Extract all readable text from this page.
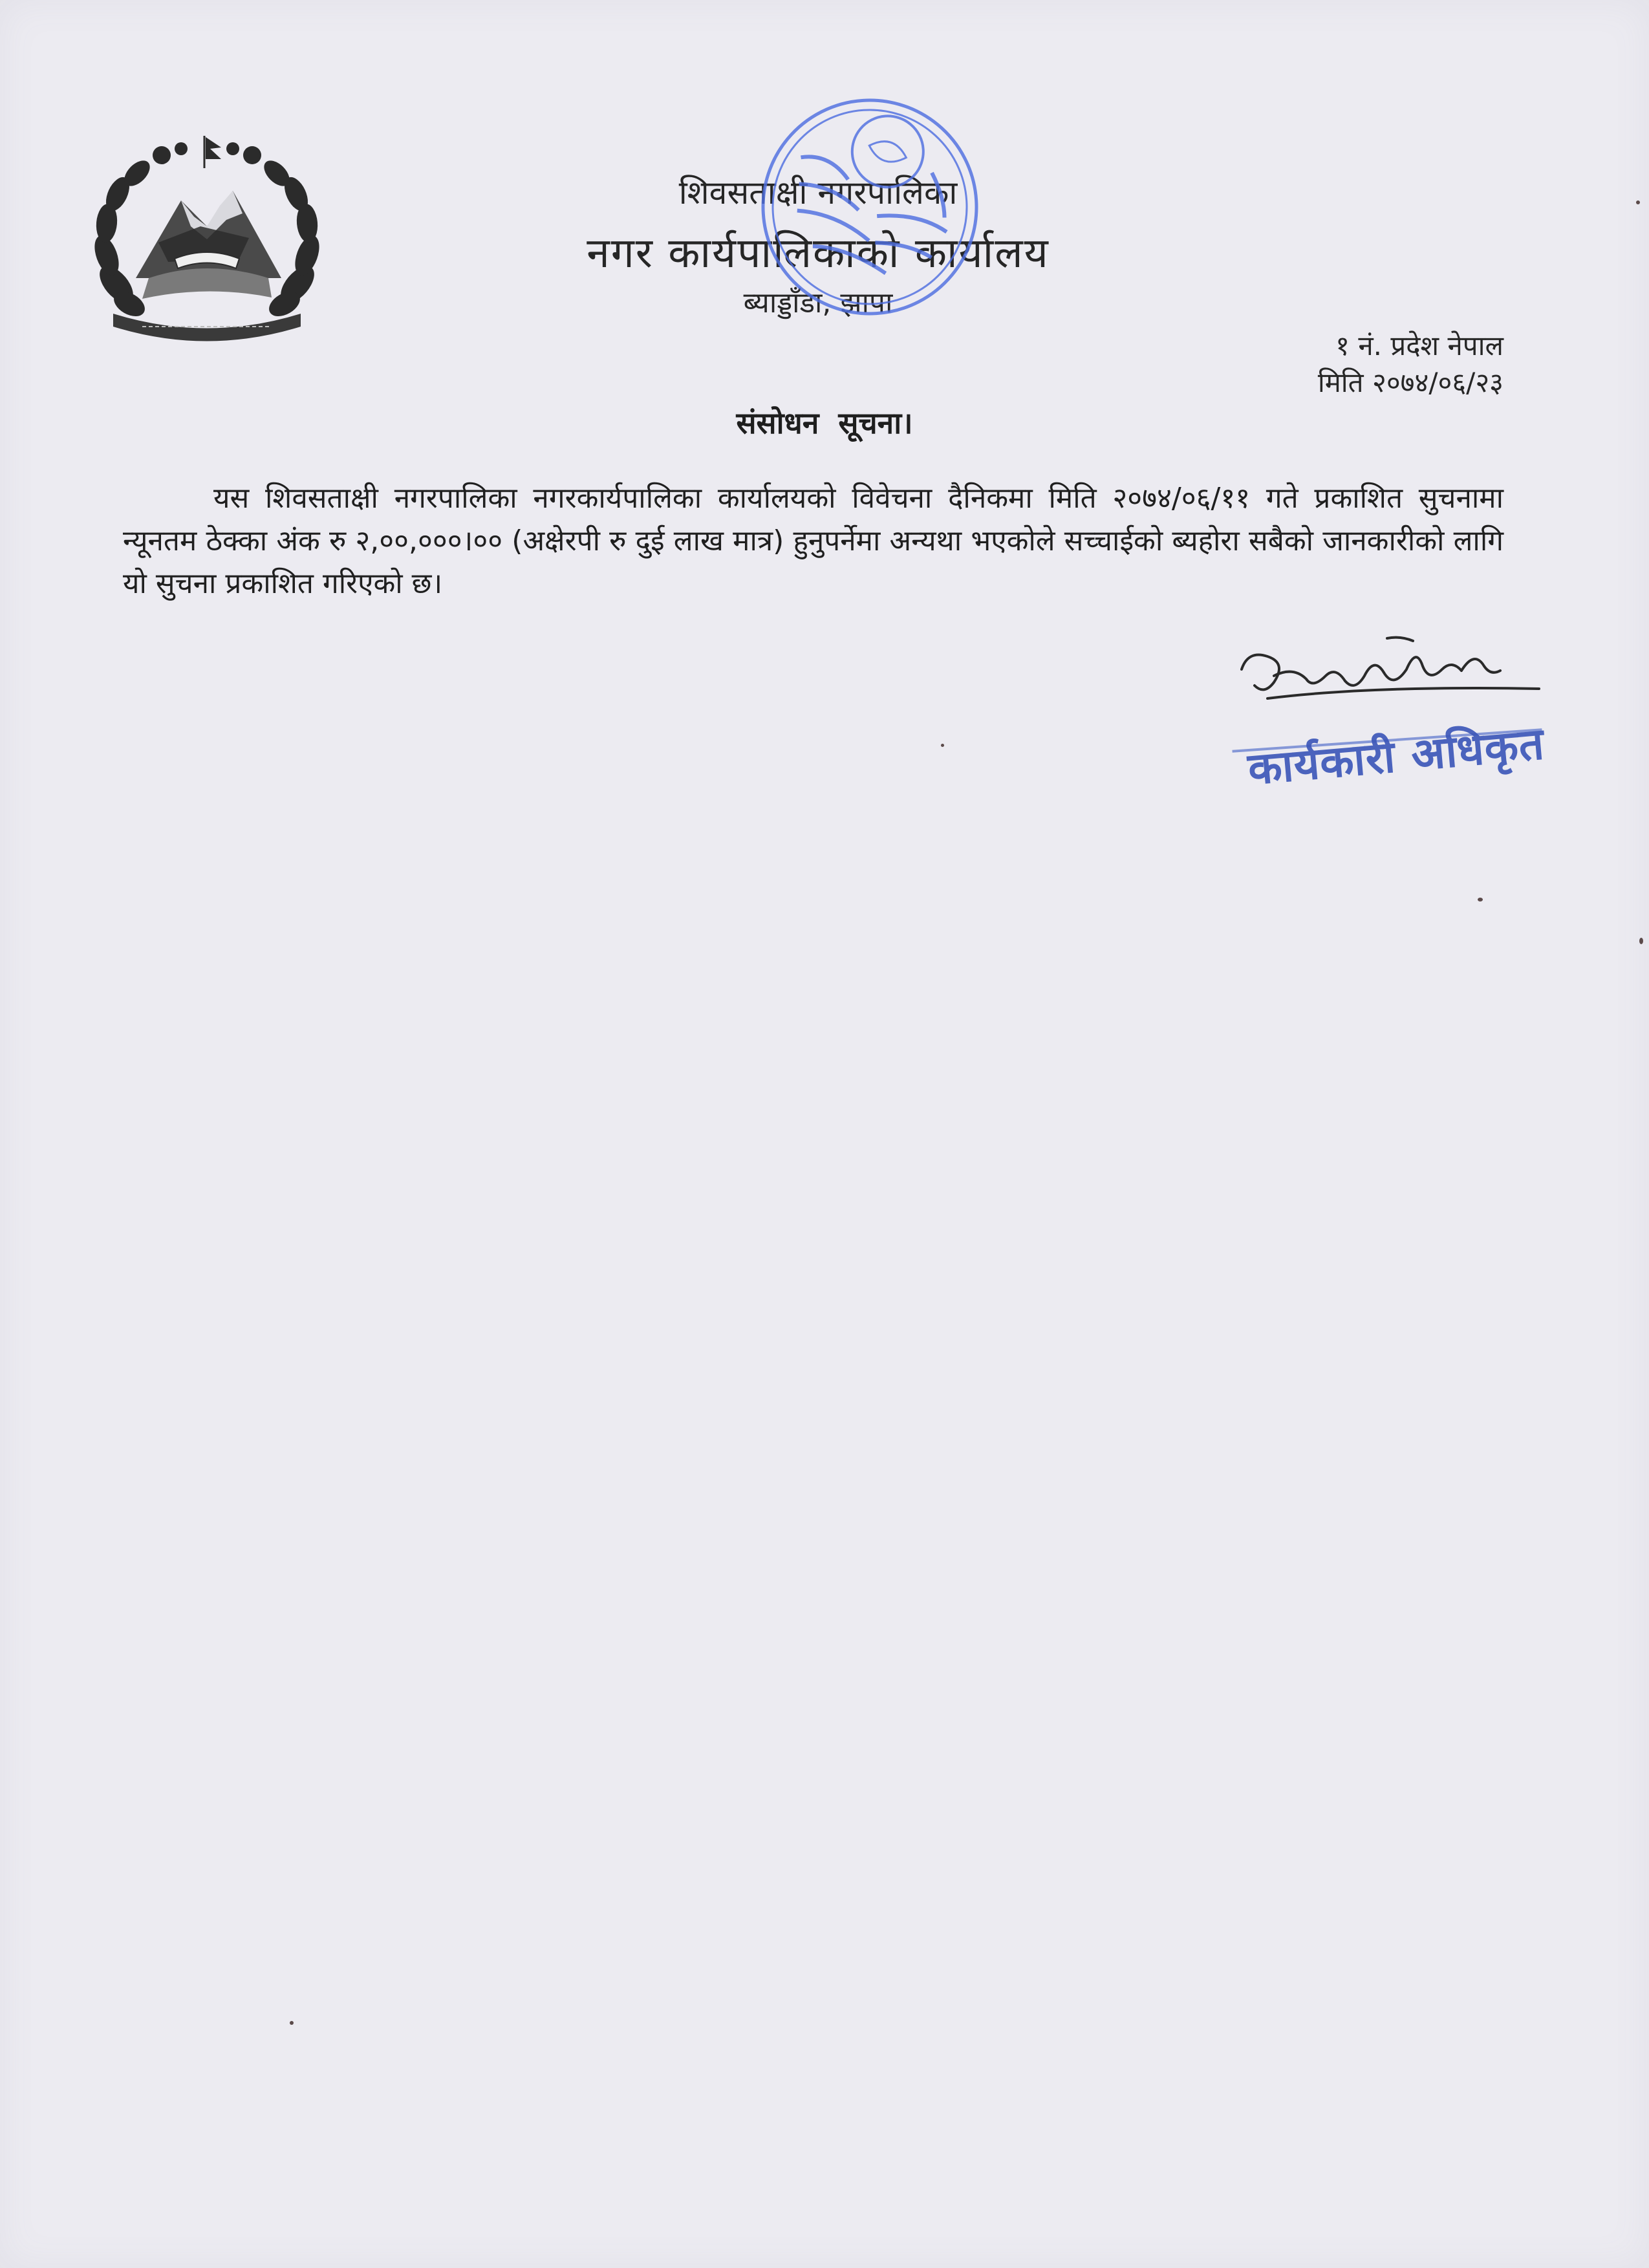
शिवसताक्षी नगरपालिका
नगर कार्यपालिकाको कार्यालय
ब्याड्डाँडा, झापा
१ नं. प्रदेश नेपाल
मिति २०७४/०६/२३
संसोधन सूचना।
यस शिवसताक्षी नगरपालिका नगरकार्यपालिका कार्यालयको विवेचना दैनिकमा मिति २०७४/०६/११ गते प्रकाशित सुचनामा न्यूनतम ठेक्का अंक रु २,००,०००।०० (अक्षेरपी रु दुई लाख मात्र) हुनुपर्नेमा अन्यथा भएकोले सच्चाईको ब्यहोरा सबैको जानकारीको लागि यो सुचना प्रकाशित गरिएको छ।
कार्यकारी अधिकृत
